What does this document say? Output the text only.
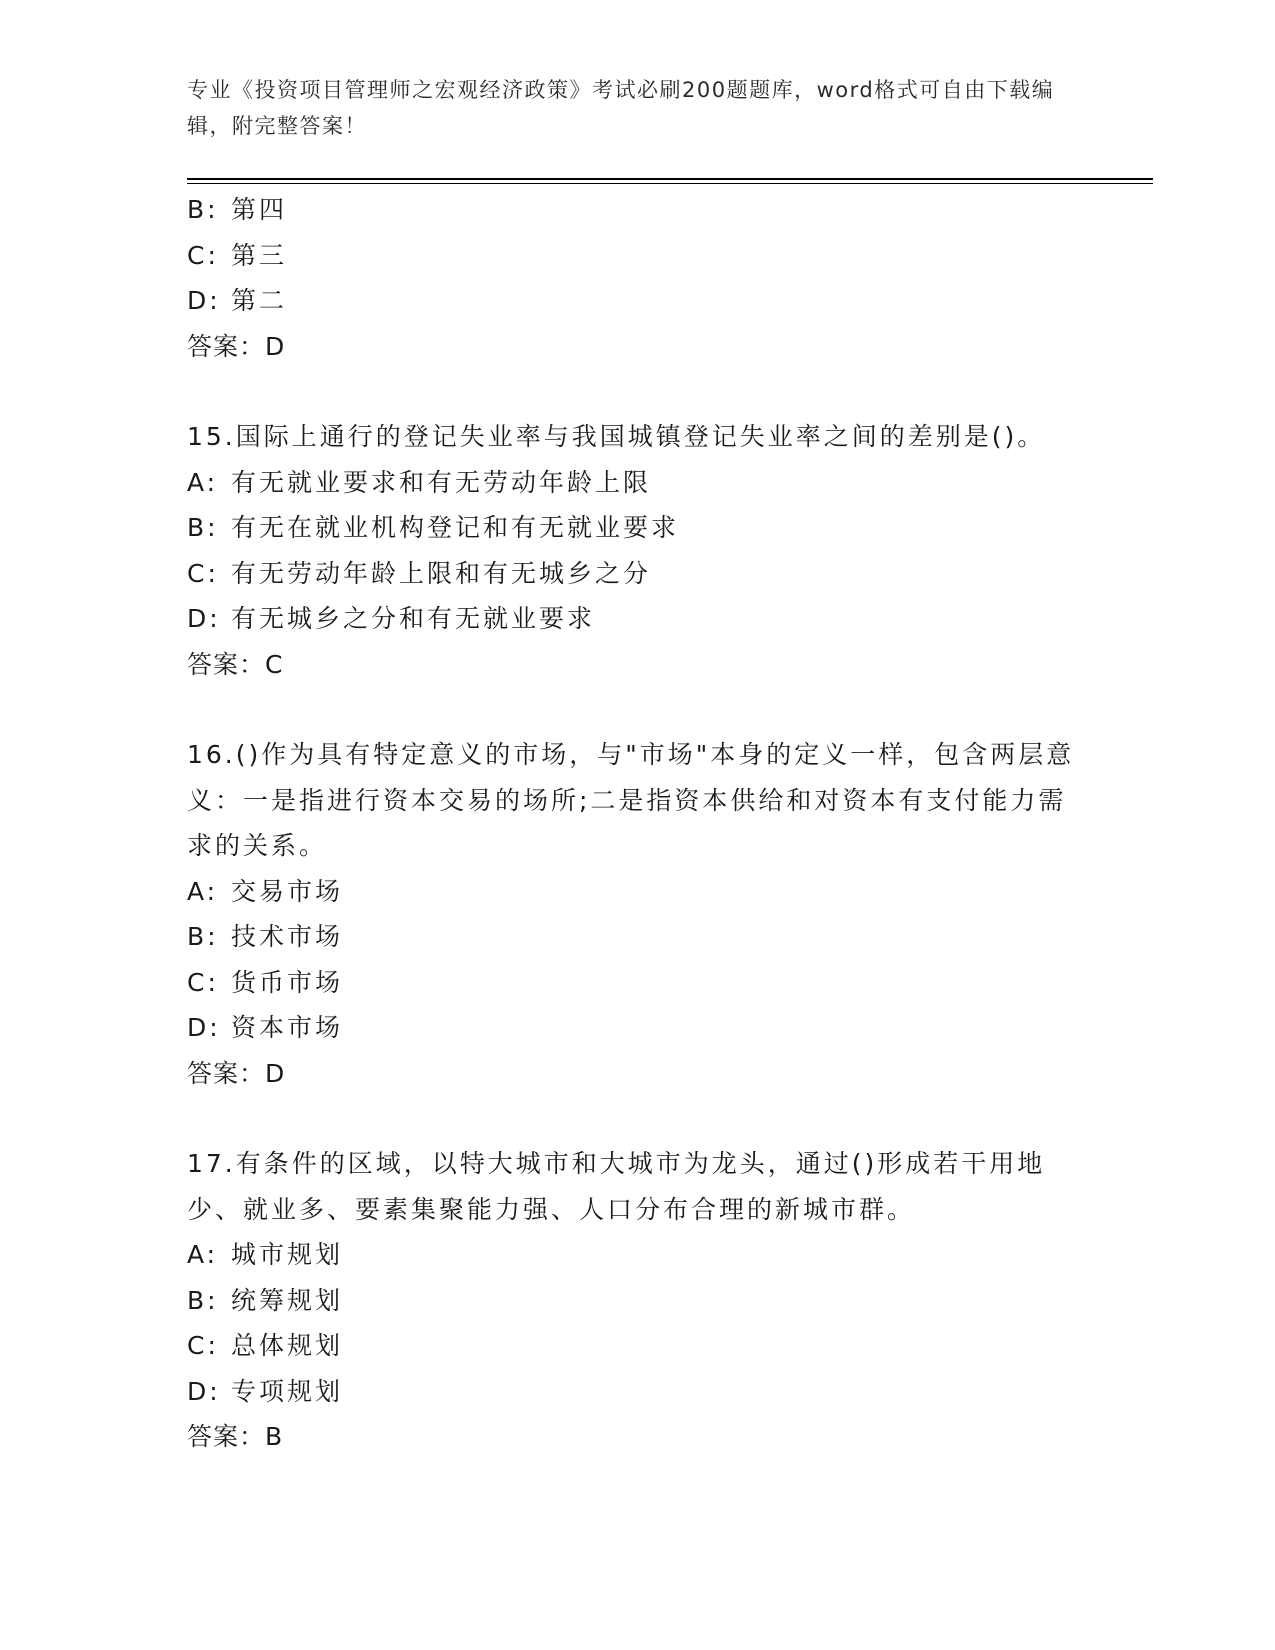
专业《投资项目管理师之宏观经济政策》考试必刷200题题库，word格式可自由下载编辑，附完整答案！
B: 第四
C: 第三
D: 第二
答案：D
15.国际上通行的登记失业率与我国城镇登记失业率之间的差别是()。
A: 有无就业要求和有无劳动年龄上限
B: 有无在就业机构登记和有无就业要求
C: 有无劳动年龄上限和有无城乡之分
D: 有无城乡之分和有无就业要求
答案：C
16.()作为具有特定意义的市场，与"市场"本身的定义一样，包含两层意义：一是指进行资本交易的场所;二是指资本供给和对资本有支付能力需求的关系。
A: 交易市场
B: 技术市场
C: 货币市场
D: 资本市场
答案：D
17.有条件的区域，以特大城市和大城市为龙头，通过()形成若干用地少、就业多、要素集聚能力强、人口分布合理的新城市群。
A: 城市规划
B: 统筹规划
C: 总体规划
D: 专项规划
答案：B
